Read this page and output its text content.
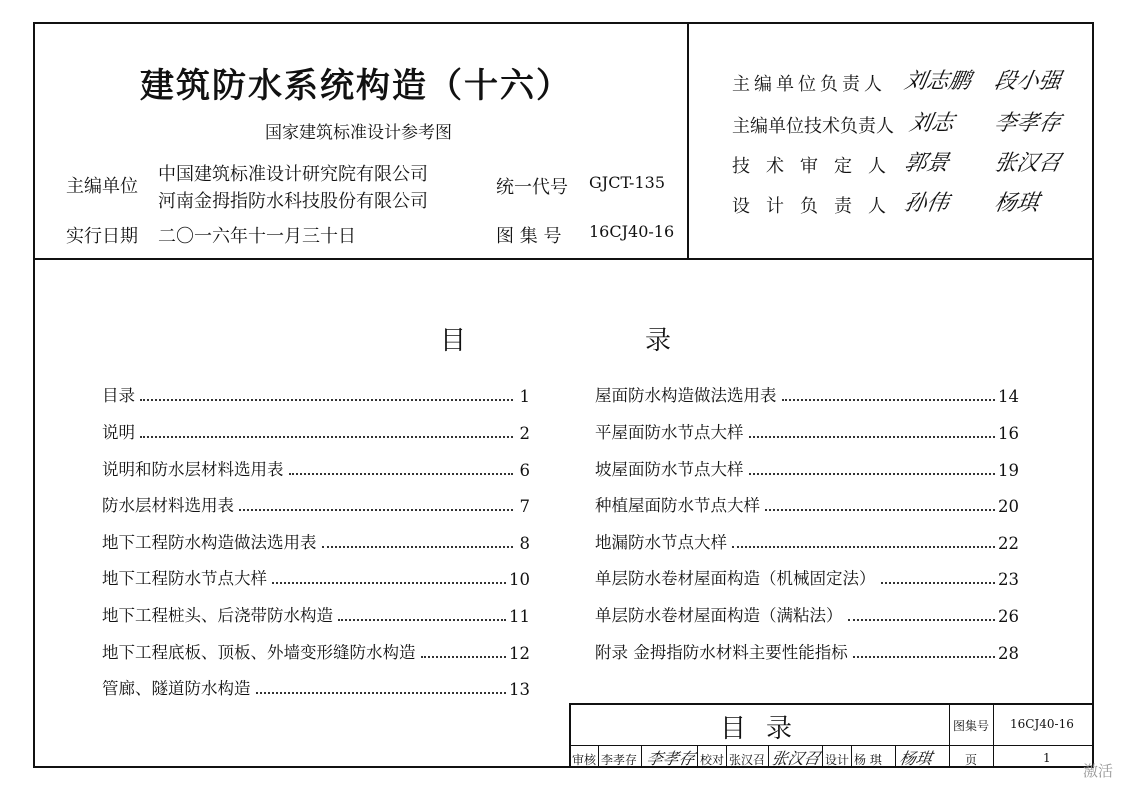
建筑防水系统构造（十六）
国家建筑标准设计参考图
主编单位
中国建筑标准设计研究院有限公司
河南金拇指防水科技股份有限公司
实行日期 二〇一六年十一月三十日
统一代号 GJCT-135
图 集 号 16CJ40-16
主编单位负责人 刘志鹏 段小强
主编单位技术负责人 刘志 李孝存
技术审定人 郭景 张汉召
设计负责人 孙伟 杨琪
目	录
目录	1
说明	2
说明和防水层材料选用表	6
防水层材料选用表	7
地下工程防水构造做法选用表	8
地下工程防水节点大样	10
地下工程桩头、后浇带防水构造	11
地下工程底板、顶板、外墙变形缝防水构造	12
管廊、隧道防水构造	13
屋面防水构造做法选用表	14
平屋面防水节点大样	16
坡屋面防水节点大样	19
种植屋面防水节点大样	20
地漏防水节点大样	22
单层防水卷材屋面构造（机械固定法）	23
单层防水卷材屋面构造（满粘法）	26
附录 金拇指防水材料主要性能指标	28
目录	图集号 16CJ40-16
页	1
审核 李孝存 李孝存 校对 张汉召 张汉召 设计 杨 琪 杨琪
激活
